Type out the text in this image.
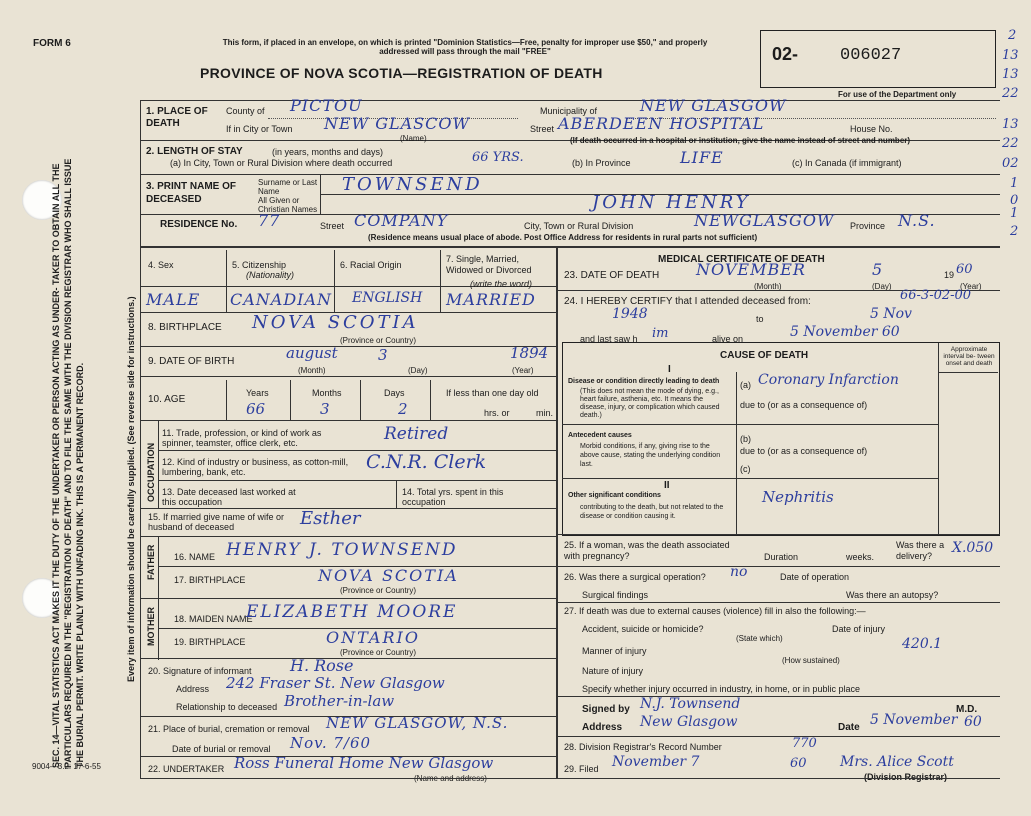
FORM 6	This form, if placed in an envelope, on which is printed "Dominion Statistics—Free, penalty for improper use $50," and properly addressed will pass through the mail "FREE"
PROVINCE OF NOVA SCOTIA—REGISTRATION OF DEATH
02- 006027
For use of the Department only
2
13
13
22
13
22
02
1
0
1
2
SEC. 14—VITAL STATISTICS ACT MAKES IT THE DUTY OF THE UNDERTAKER OR PERSON ACTING AS UNDER- TAKER TO OBTAIN ALL THE PARTICULARS REQUIRED IN THE "REGISTRATION OF DEATH" AND TO FILE THE SAME WITH THE DIVISION REGISTRAR WHO SHALL ISSUE THE BURIAL PERMIT. WRITE PLAINLY WITH UNFADING INK. THIS IS A PERMANENT RECORD.	Every item of information should be carefully supplied. (See reverse side for instructions.)
9004—3.2: 17-6-55
1. PLACE OF DEATH
County of PICTOU	Municipality of	NEW GLASGOW
If in City or Town NEW GLASCOW
(Name)
Street ABERDEEN HOSPITAL	House No.
(If death occurred in a hospital or institution, give the name instead of street and number)
2. LENGTH OF STAY	(in years, months and days)
(a) In City, Town or Rural Division where death occurred	66 YRS.	(b) In Province	LIFE	(c) In Canada (if immigrant)
3. PRINT NAME OF DECEASED
Surname or Last Name	TOWNSEND
All Given or Christian Names	JOHN HENRY
RESIDENCE No. 77	Street COMPANY	City, Town or Rural Division	NEWGLASGOW Province N.S.
(Residence means usual place of abode. Post Office Address for residents in rural parts not sufficient)
4. Sex	5. Citizenship
(Nationality)
6. Racial Origin
7. Single, Married, Widowed or Divorced
(write the word)
MALE CANADIAN ENGLISH MARRIED
8. BIRTHPLACE NOVA SCOTIA
(Province or Country)
9. DATE OF BIRTH	august	3	1894
(Month)	(Day)	(Year)
10. AGE
Years	Months	Days	If less than one day old
66	3	2	hrs. or	min.
OCCUPATION
11. Trade, profession, or kind of work as spinner, teamster, office clerk, etc.	Retired
12. Kind of industry or business, as cotton-mill, lumbering, bank, etc.	C.N.R. Clerk
13. Date deceased last worked at this occupation
14. Total yrs. spent in this occupation
15. If married give name of wife or husband of deceased	Esther
FATHER 16. NAME HENRY J. TOWNSEND
17. BIRTHPLACE	NOVA SCOTIA
(Province or Country)
MOTHER 18. MAIDEN NAME
ELIZABETH MOORE
19. BIRTHPLACE	ONTARIO
(Province or Country)
20. Signature of informant H. Rose
Address 242 Fraser St. New Glasgow
Relationship to deceased Brother-in-law
21. Place of burial, cremation or removal NEW GLASGOW, N.S.
Date of burial or removal Nov. 7/60
22. UNDERTAKER Ross Funeral Home New Glasgow
(Name and address)
MEDICAL CERTIFICATE OF DEATH
23. DATE OF DEATH NOVEMBER	5	19 60
(Month)	(Day)	(Year)
24. I HEREBY CERTIFY that I attended deceased from:	66-3-02-00
1948	to	5 Nov
and last saw h im	alive on	5 November 60
CAUSE OF DEATH
I
Approximate interval be- tween onset and death
Disease or condition directly leading to death
(This does not mean the mode of dying, e.g., heart failure, asthenia, etc. It means the disease, injury, or complication which caused death.)
(a) Coronary Infarction
due to (or as a consequence of)
Antecedent causes
Morbid conditions, if any, giving rise to the above cause, stating the underlying condition last.
(b)
due to (or as a consequence of)
(c)
II
Other significant conditions
contributing to the death, but not related to the disease or condition causing it.
Nephritis
25. If a woman, was the death associated with pregnancy?	Duration	weeks.
Was there a delivery?	X.050
26. Was there a surgical operation? no	Date of operation
Surgical findings	Was there an autopsy?
27. If death was due to external causes (violence) fill in also the following:—
Accident, suicide or homicide?	Date of injury
(State which)
Manner of injury	420.1
(How sustained)
Nature of injury
Specify whether injury occurred in industry, in home, or in public place
Signed by N.J. Townsend	M.D.
Address New Glasgow	Date 5 November 60
28. Division Registrar's Record Number	770
29. Filed November 7	60 Mrs. Alice Scott
(Division Registrar)
